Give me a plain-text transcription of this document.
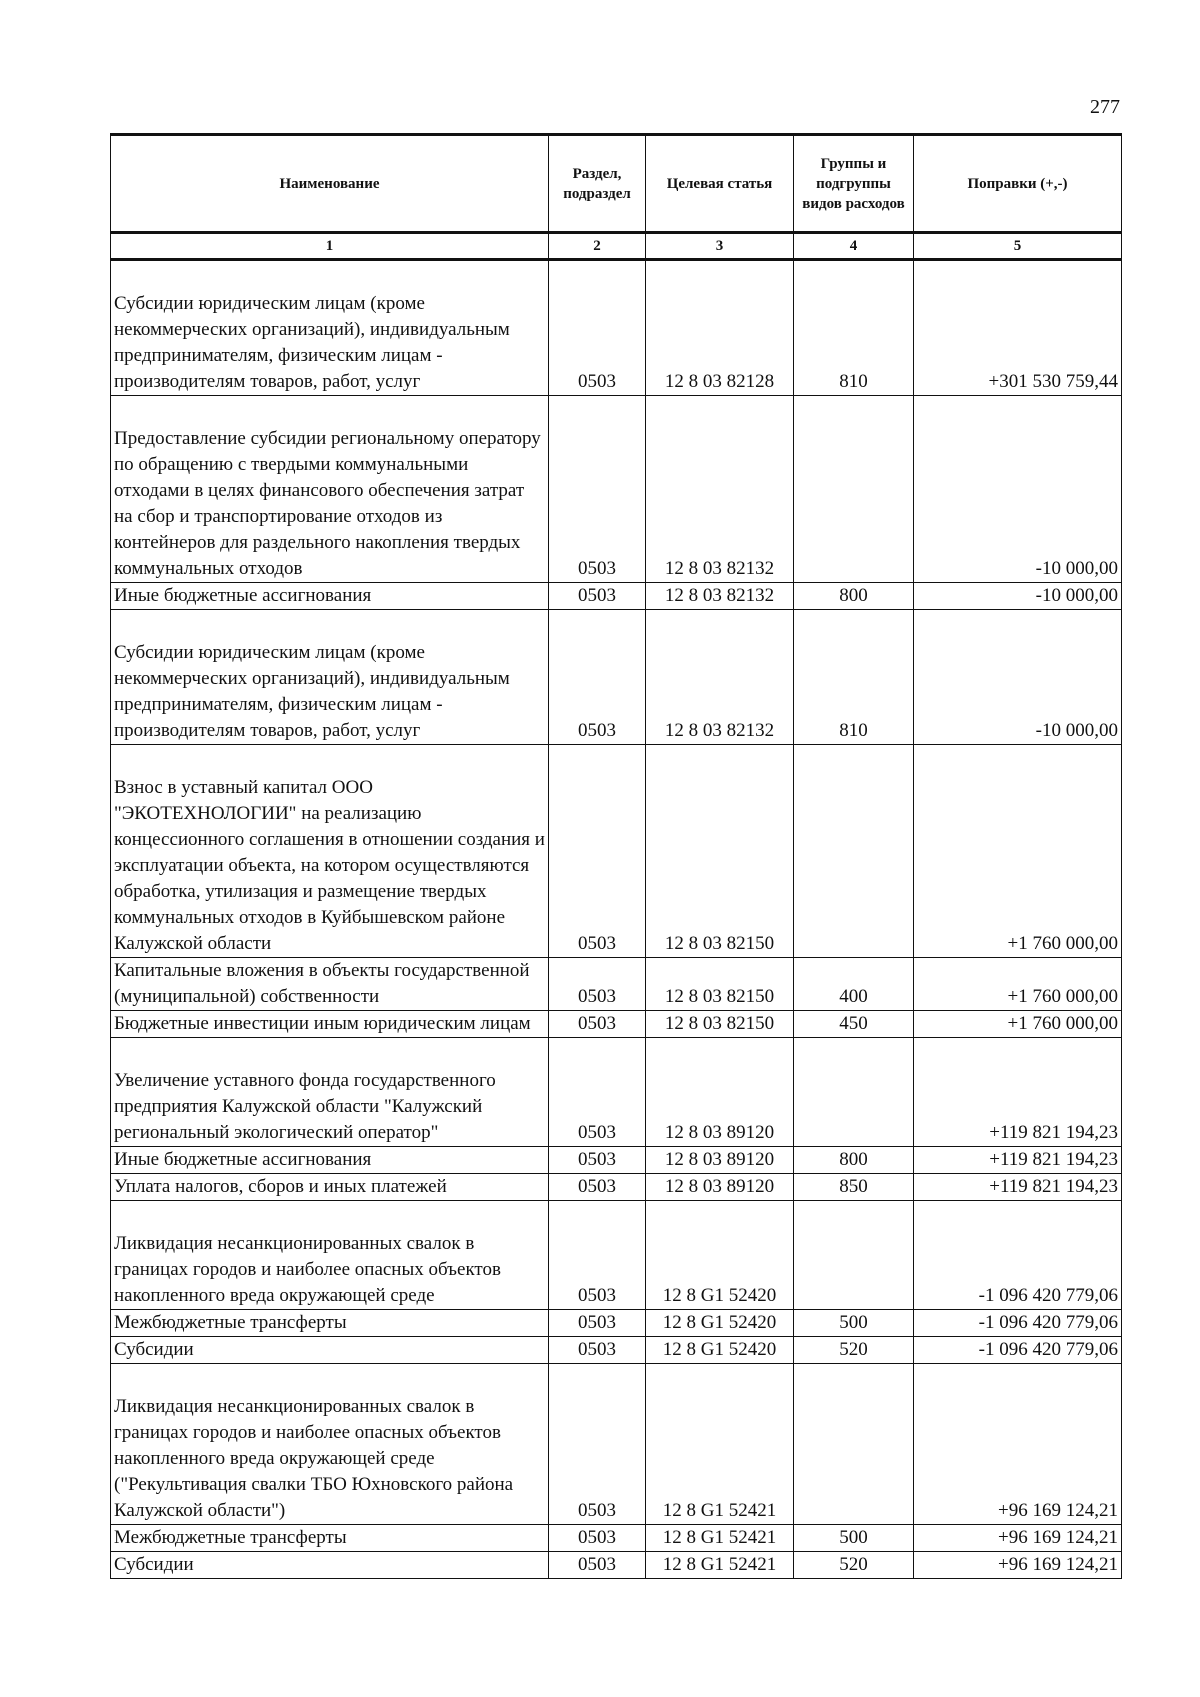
277
Наименование	Раздел, подраздел	Целевая статья	Группы и подгруппы видов расходов	Поправки (+,-)
1	2	3	4	5
Субсидии юридическим лицам (кроме некоммерческих организаций), индивидуальным предпринимателям, физическим лицам - производителям товаров, работ, услуг	0503	12 8 03 82128	810	+301 530 759,44
Предоставление субсидии региональному оператору по обращению с твердыми коммунальными отходами в целях финансового обеспечения затрат на сбор и транспортирование отходов из контейнеров для раздельного накопления твердых коммунальных отходов	0503	12 8 03 82132		-10 000,00
Иные бюджетные ассигнования	0503	12 8 03 82132	800	-10 000,00
Субсидии юридическим лицам (кроме некоммерческих организаций), индивидуальным предпринимателям, физическим лицам - производителям товаров, работ, услуг	0503	12 8 03 82132	810	-10 000,00
Взнос в уставный капитал ООО "ЭКОТЕХНОЛОГИИ" на реализацию концессионного соглашения в отношении создания и эксплуатации объекта, на котором осуществляются обработка, утилизация и размещение твердых коммунальных отходов в Куйбышевском районе Калужской области	0503	12 8 03 82150		+1 760 000,00
Капитальные вложения в объекты государственной (муниципальной) собственности	0503	12 8 03 82150	400	+1 760 000,00
Бюджетные инвестиции иным юридическим лицам	0503	12 8 03 82150	450	+1 760 000,00
Увеличение уставного фонда государственного предприятия Калужской области "Калужский региональный экологический оператор"	0503	12 8 03 89120		+119 821 194,23
Иные бюджетные ассигнования	0503	12 8 03 89120	800	+119 821 194,23
Уплата налогов, сборов и иных платежей	0503	12 8 03 89120	850	+119 821 194,23
Ликвидация несанкционированных свалок в границах городов и наиболее опасных объектов накопленного вреда окружающей среде	0503	12 8 G1 52420		-1 096 420 779,06
Межбюджетные трансферты	0503	12 8 G1 52420	500	-1 096 420 779,06
Субсидии	0503	12 8 G1 52420	520	-1 096 420 779,06
Ликвидация несанкционированных свалок в границах городов и наиболее опасных объектов накопленного вреда окружающей среде ("Рекультивация свалки ТБО Юхновского района Калужской области")	0503	12 8 G1 52421		+96 169 124,21
Межбюджетные трансферты	0503	12 8 G1 52421	500	+96 169 124,21
Субсидии	0503	12 8 G1 52421	520	+96 169 124,21
